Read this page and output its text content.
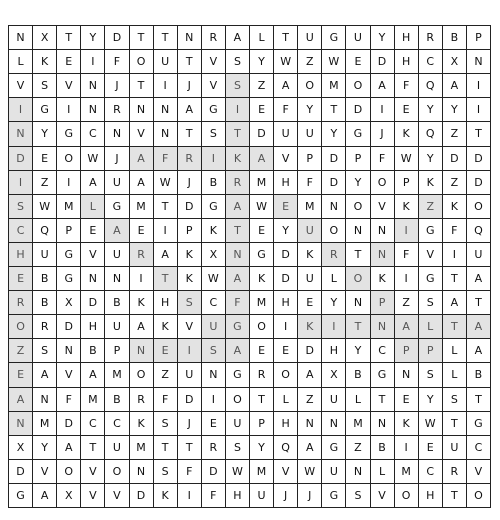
N	X	T	Y	D	T	T	N	R	A	L	T	U	G	U	Y	H	R	B	P
L	K	E	I	F	O	U	T	V	S	Y	W	Z	W	E	D	H	C	X	N
V	S	V	N	J	T	I	J	V	S	Z	A	O	M	O	A	F	Q	A	I
I	G	I	N	R	N	N	A	G	I	E	F	Y	T	D	I	E	Y	Y	I
N	Y	G	C	N	V	N	T	S	T	D	U	U	Y	G	J	K	Q	Z	T
D	E	O	W	J	A	F	R	I	K	A	V	P	D	P	F	W	Y	D	D
I	Z	I	A	U	A	W	J	B	R	M	H	F	D	Y	O	P	K	Z	D
S	W	M	L	G	M	T	D	G	A	W	E	M	N	O	V	K	Z	K	O
C	Q	P	E	A	E	I	P	K	T	E	Y	U	O	N	N	I	G	F	Q
H	U	G	V	U	R	A	K	X	N	G	D	K	R	T	N	F	V	I	U
E	B	G	N	N	I	T	K	W	A	K	D	U	L	O	K	I	G	T	A
R	B	X	D	B	K	H	S	C	F	M	H	E	Y	N	P	Z	S	A	T
O	R	D	H	U	A	K	V	U	G	O	I	K	I	T	N	A	L	T	A
Z	S	N	B	P	N	E	I	S	A	E	E	D	H	Y	C	P	P	L	A
E	A	V	A	M	O	Z	U	N	G	R	O	A	X	B	G	N	S	L	B
A	N	F	M	B	R	F	D	I	O	T	L	Z	U	L	T	E	Y	S	T
N	M	D	C	C	K	S	J	E	U	P	H	N	N	M	N	K	W	T	G
X	Y	A	T	U	M	T	T	R	S	Y	Q	A	G	Z	B	I	E	U	C
D	V	O	V	O	N	S	F	D	W	M	V	W	U	N	L	M	C	R	V
G	A	X	V	V	D	K	I	F	H	U	J	J	G	S	V	O	H	T	O
